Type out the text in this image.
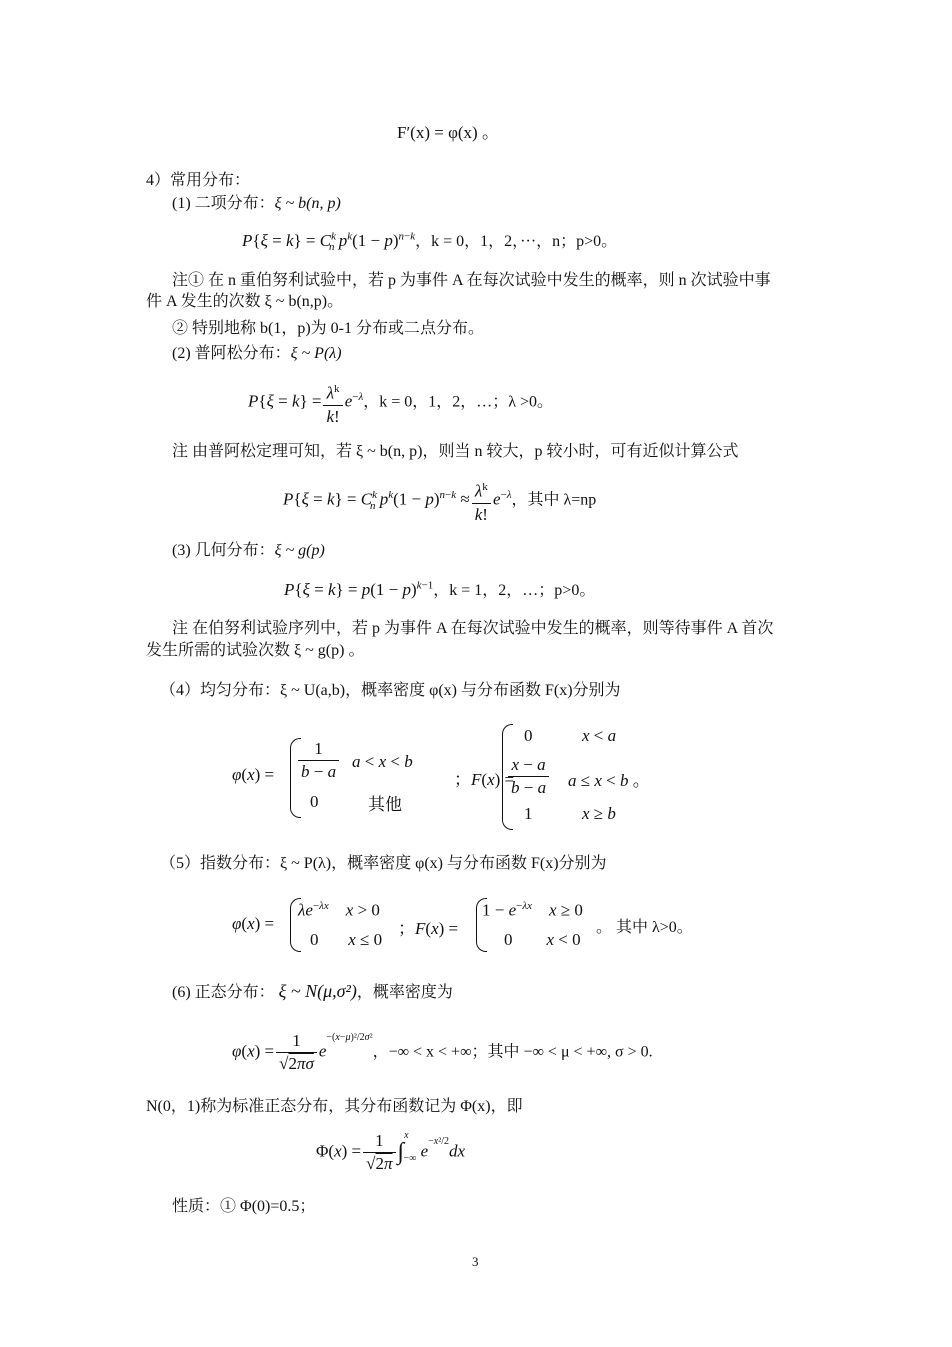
F′(x) = φ(x) 。
4）常用分布：
(1) 二项分布：ξ ~ b(n, p)
$P\{\xi = k\} = C^k_n$ $p^k(1 - p)^{n-k}$，k = 0，1，2，···，n；p>0。
注① 在 n 重伯努利试验中，若 p 为事件 A 在每次试验中发生的概率，则 n 次试验中事
件 A 发生的次数 ξ ~ b(n,p)。
② 特别地称 b(1，p)为 0-1 分布或二点分布。
(2) 普阿松分布：ξ ~ P(λ)
$P\{\xi = k\} = \frac{\lambda^k}{k!} e^{-\lambda}$，k = 0，1，2，…；λ >0。
注 由普阿松定理可知，若 ξ ~ b(n, p)，则当 n 较大，p 较小时，可有近似计算公式
$P\{\xi = k\} = C^k_n$ $p^k(1 - p)^{n-k} \approx \frac{\lambda^k}{k!} e^{-\lambda}$，其中 λ=np
(3) 几何分布：ξ ~ g(p)
$P\{\xi = k\} = p(1 - p)^{k-1}$，k = 1，2，…；p>0。
注 在伯努利试验序列中，若 p 为事件 A 在每次试验中发生的概率，则等待事件 A 首次
发生所需的试验次数 ξ ~ g(p) 。
（4）均匀分布：ξ ~ U(a,b)，概率密度 φ(x) 与分布函数 F(x)分别为
$\varphi(x) = \frac{1}{b - a}$ a < x < b
0	其他
；F(x) =
0	x < a
$\frac{x - a}{b - a}$ a ≤ x < b 。
1	x ≥ b
（5）指数分布：ξ ~ P(λ)，概率密度 φ(x) 与分布函数 F(x)分别为
φ(x) =
$\lambda e^{-\lambda x}$ x > 0
0       x ≤ 0
；F(x) =
$1 - e^{-\lambda x}$ x ≥ 0
0        x < 0
。 其中 λ>0。
(6) 正态分布： ξ ~ N(μ,σ²)，概率密度为
$\varphi(x) = \frac{1}{√2\pi\sigma} e^{-(x-\mu)^2/2\sigma^2}$，−∞ < x < +∞；其中 −∞ < μ < +∞, σ > 0.
N(0，1)称为标准正态分布，其分布函数记为 Φ(x)，即
$\Phi(x) = \frac{1}{√2\pi} \int^x_{-\infty}$ $e^{-x^2/2}dx$
性质：① Φ(0)=0.5；
3
